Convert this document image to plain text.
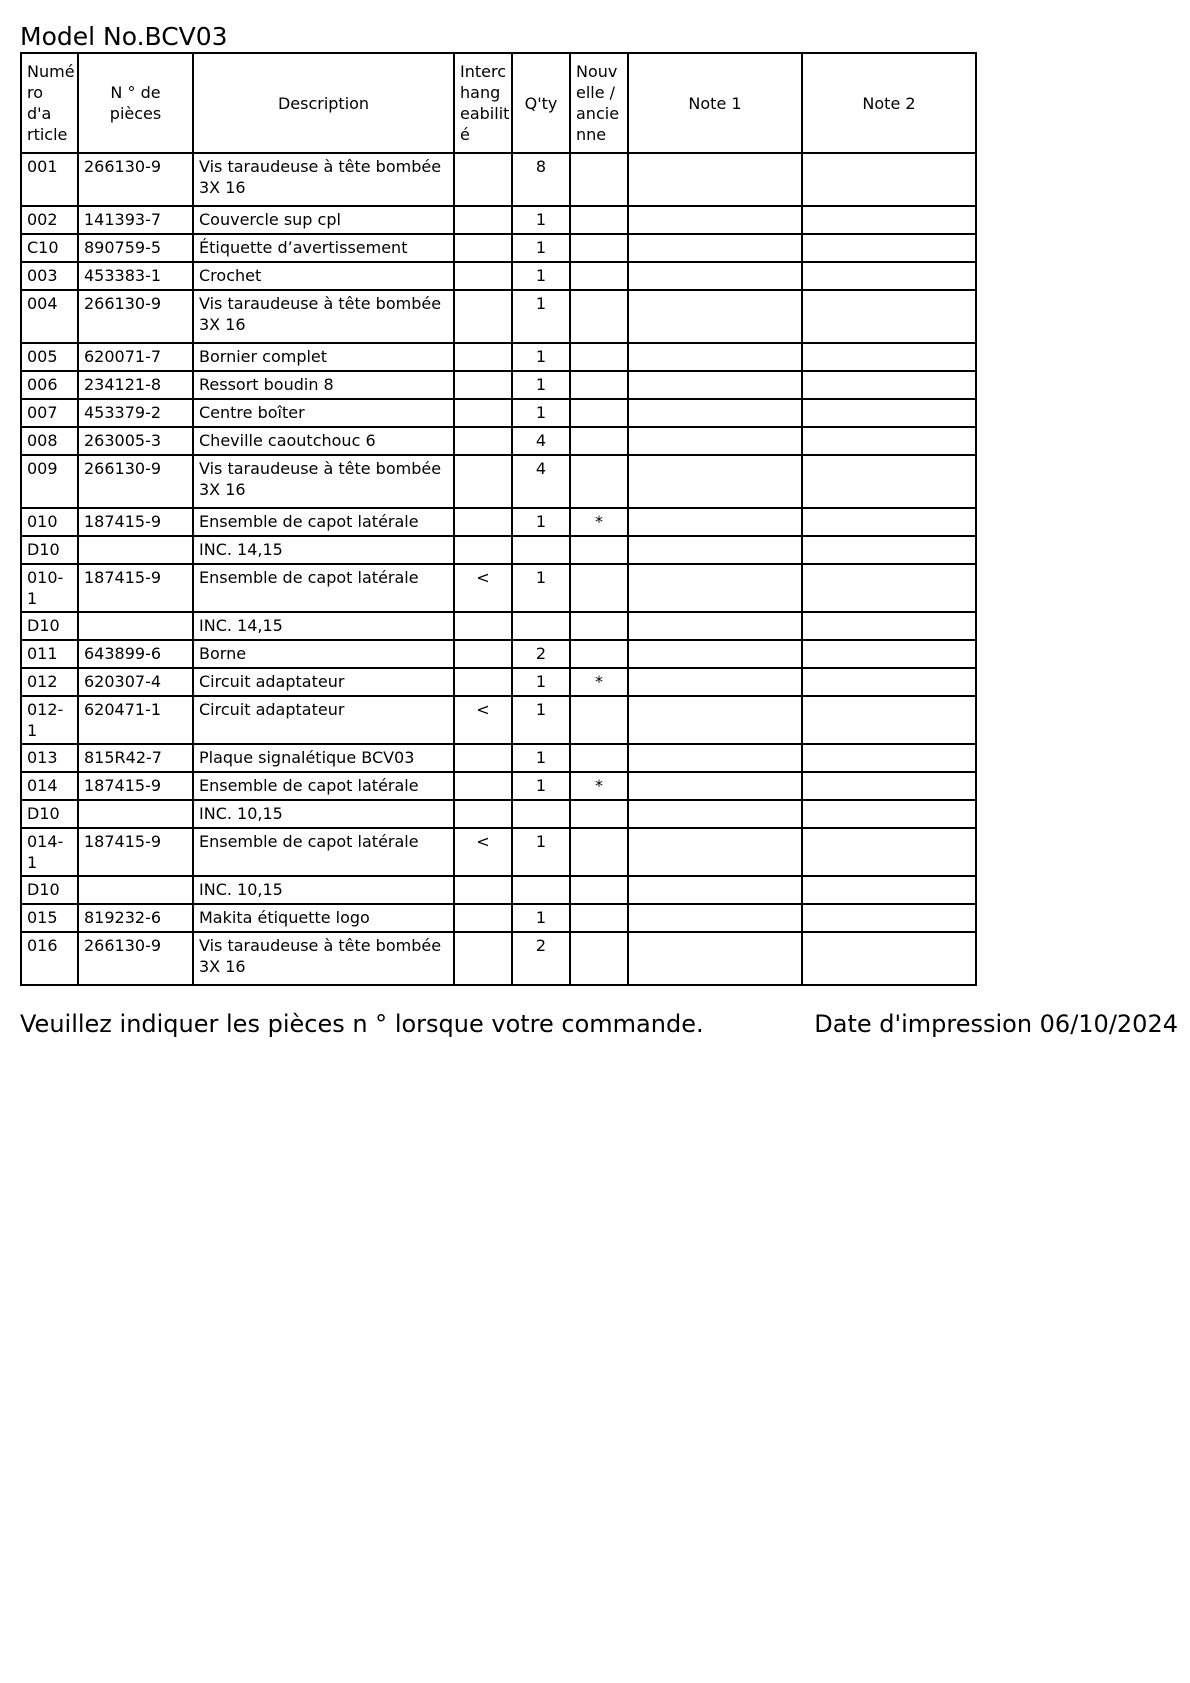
Model No.BCV03
Numé ro d'a rticle	N ° de pièces	Description	Interc hang eabilit é	Q'ty	Nouv elle / ancie nne	Note 1	Note 2
001	266130-9	Vis taraudeuse à tête bombée 3X 16		8			
002	141393-7	Couvercle sup cpl		1			
C10	890759-5	Étiquette d’avertissement		1			
003	453383-1	Crochet		1			
004	266130-9	Vis taraudeuse à tête bombée 3X 16		1			
005	620071-7	Bornier complet		1			
006	234121-8	Ressort boudin 8		1			
007	453379-2	Centre boîter		1			
008	263005-3	Cheville caoutchouc 6		4			
009	266130-9	Vis taraudeuse à tête bombée 3X 16		4			
010	187415-9	Ensemble de capot latérale		1	*		
D10		INC. 14,15					
010-1	187415-9	Ensemble de capot latérale	<	1			
D10		INC. 14,15					
011	643899-6	Borne		2			
012	620307-4	Circuit adaptateur		1	*		
012-1	620471-1	Circuit adaptateur	<	1			
013	815R42-7	Plaque signalétique BCV03		1			
014	187415-9	Ensemble de capot latérale		1	*		
D10		INC. 10,15					
014-1	187415-9	Ensemble de capot latérale	<	1			
D10		INC. 10,15					
015	819232-6	Makita étiquette logo		1			
016	266130-9	Vis taraudeuse à tête bombée 3X 16		2			
Veuillez indiquer les pièces n ° lorsque votre commande.	Date d'impression 06/10/2024
